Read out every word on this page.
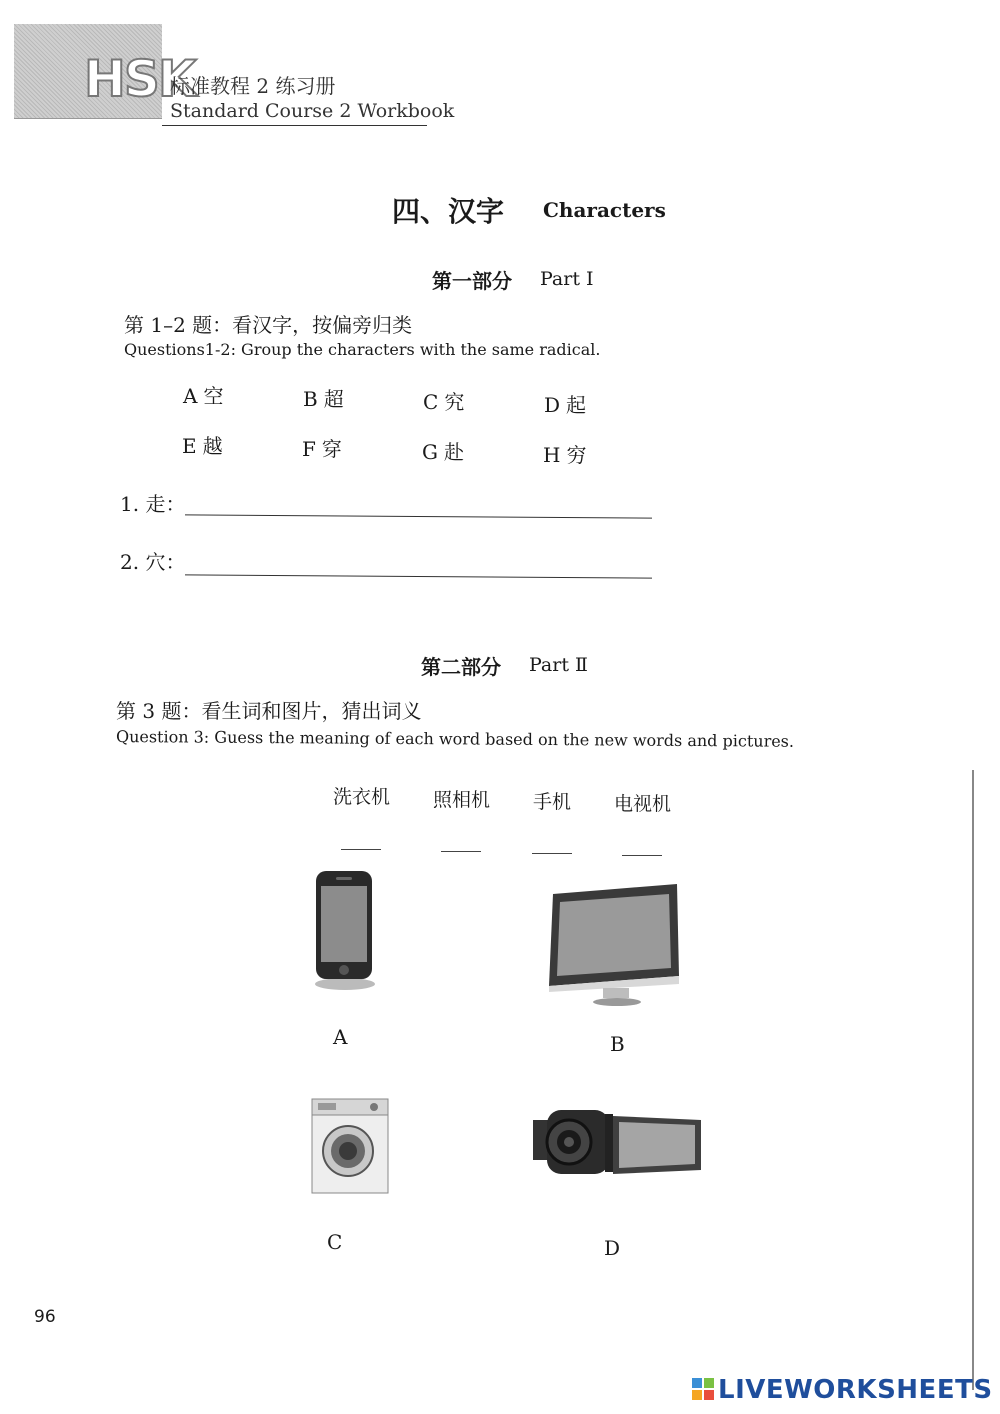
HSK
标准教程 2 练习册
Standard Course 2 Workbook
四、汉字 Characters
第一部分 Part Ⅰ
第 1–2 题：看汉字，按偏旁归类
Questions1-2: Group the characters with the same radical.
A 空	B 超	C 究	D 起
E 越	F 穿	G 赴	H 穷
1. 走：
2. 穴：
第二部分 Part Ⅱ
第 3 题：看生词和图片，猜出词义
Question 3: Guess the meaning of each word based on the new words and pictures.
洗衣机 照相机 手机 电视机
A	B
C	D
96
LIVEWORKSHEETS
